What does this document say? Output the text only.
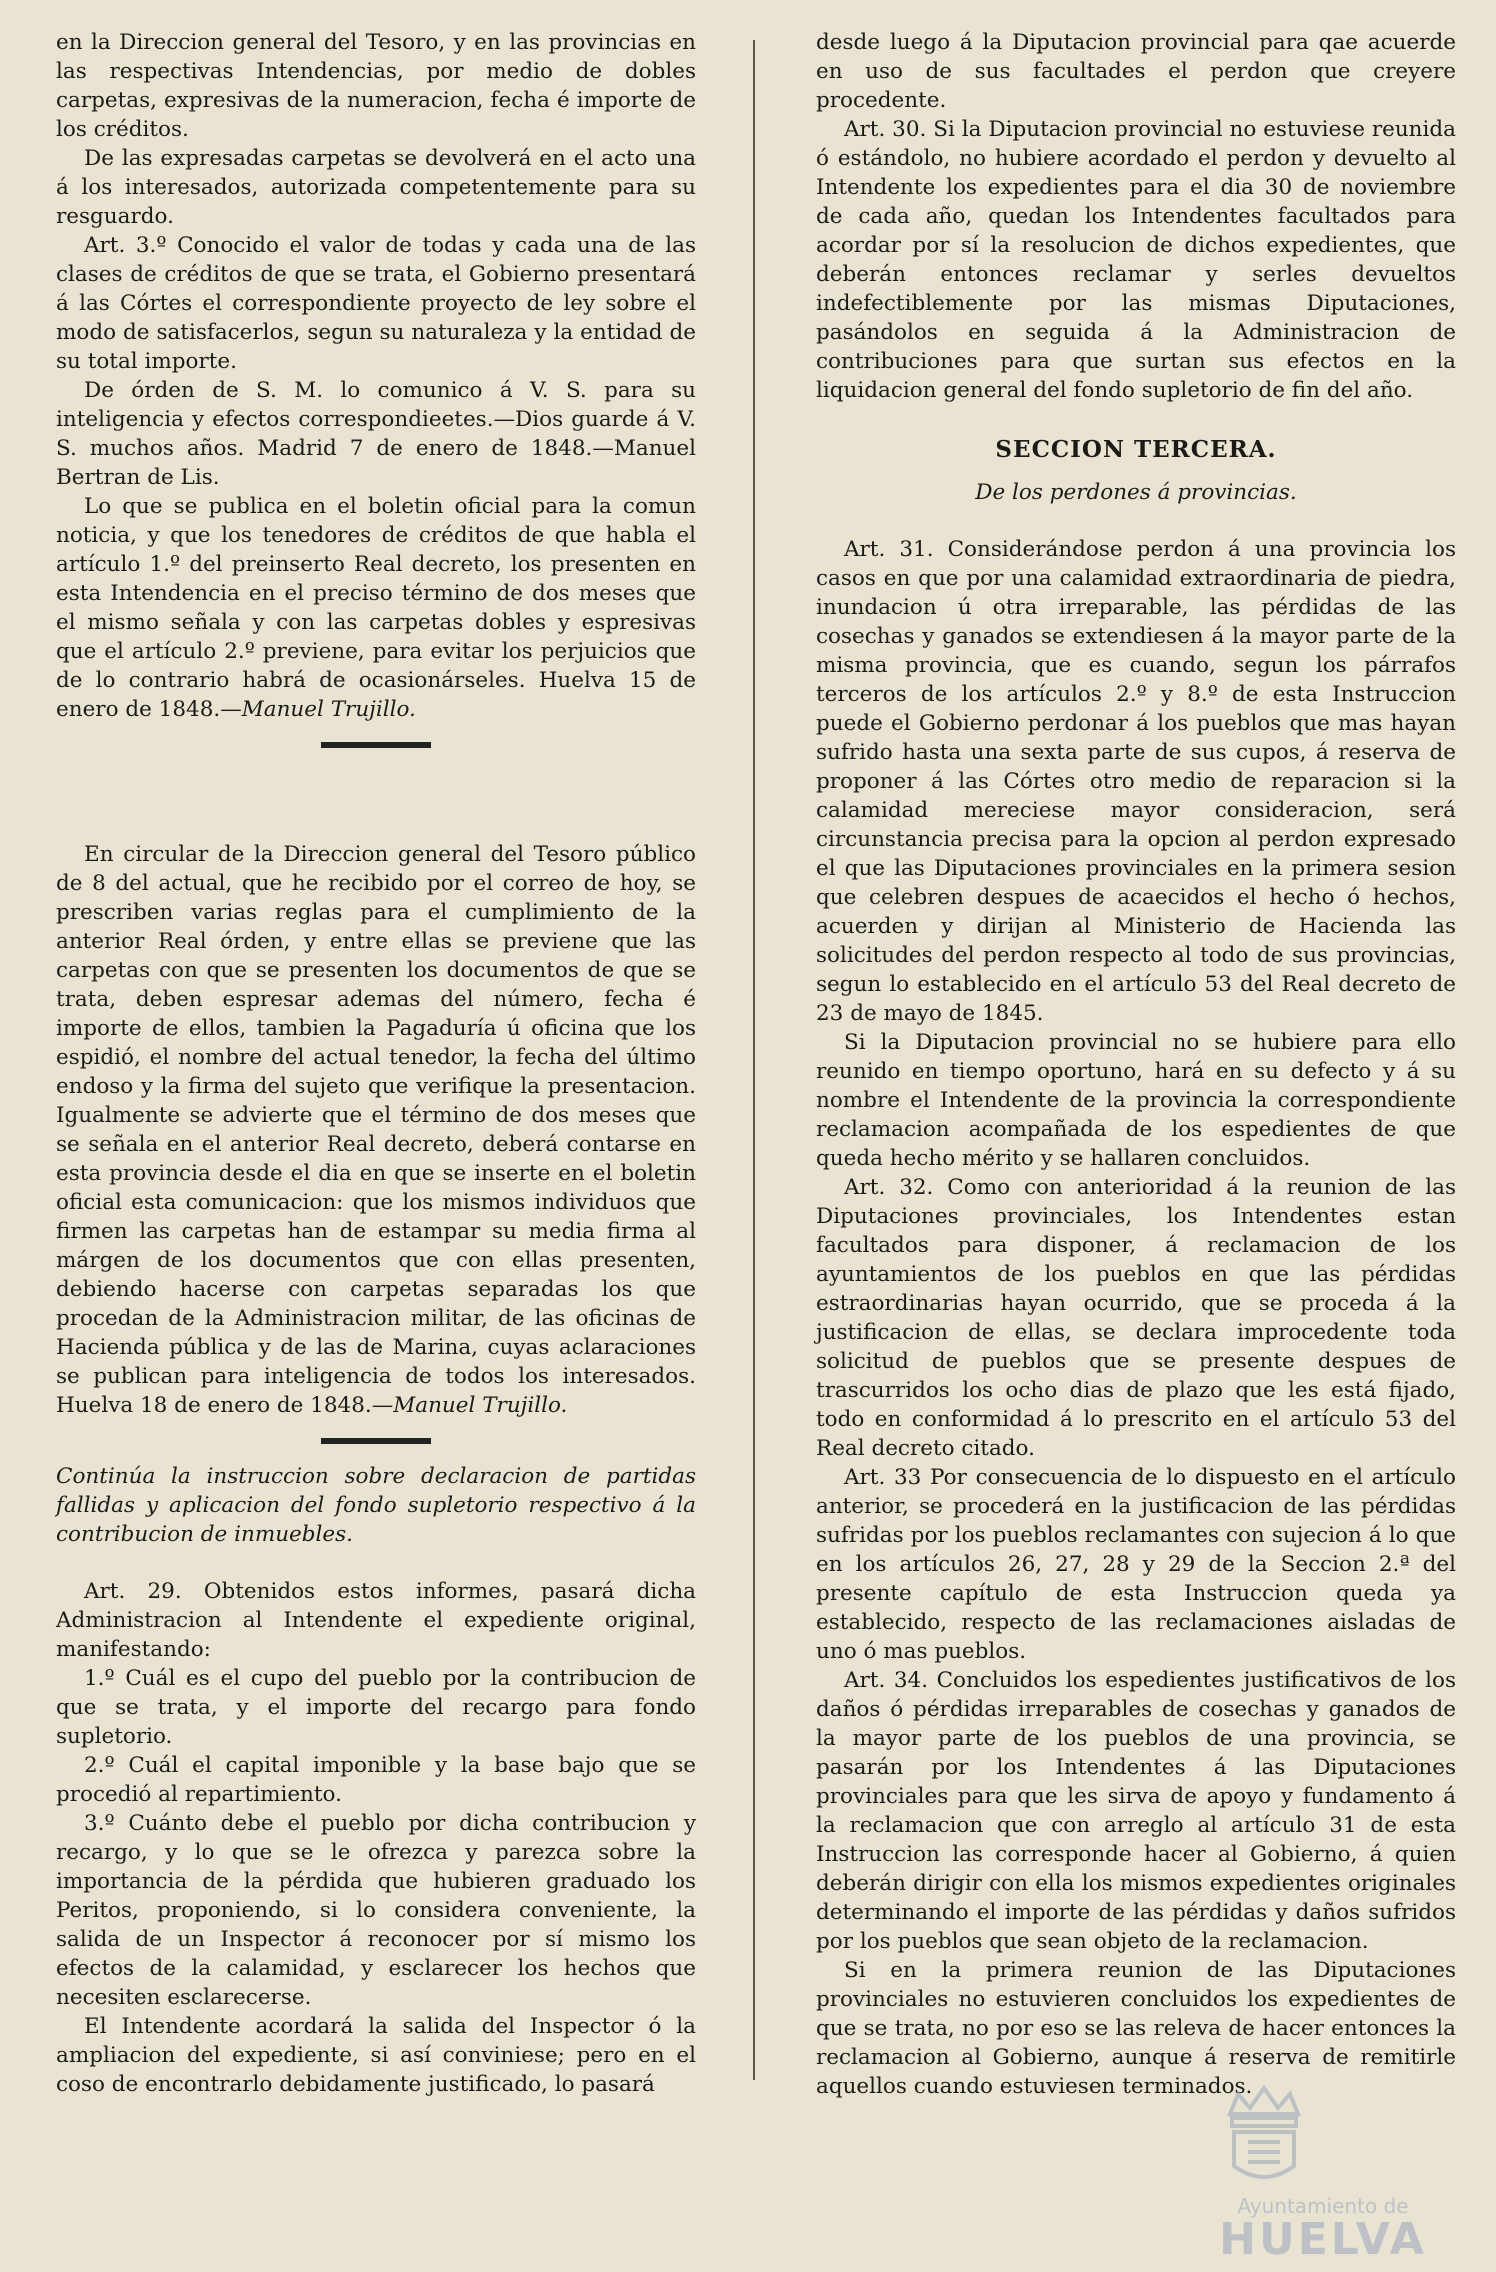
en la Direccion general del Tesoro, y en las provincias en las respectivas Intendencias, por medio de dobles carpetas, expresivas de la numeracion, fecha é importe de los créditos.

De las expresadas carpetas se devolverá en el acto una á los interesados, autorizada competentemente para su resguardo.

Art. 3.º Conocido el valor de todas y cada una de las clases de créditos de que se trata, el Gobierno presentará á las Córtes el correspondiente proyecto de ley sobre el modo de satisfacerlos, segun su naturaleza y la entidad de su total importe.

De órden de S. M. lo comunico á V. S. para su inteligencia y efectos correspondieetes.—Dios guarde á V. S. muchos años. Madrid 7 de enero de 1848.—Manuel Bertran de Lis.

Lo que se publica en el boletin oficial para la comun noticia, y que los tenedores de créditos de que habla el artículo 1.º del preinserto Real decreto, los presenten en esta Intendencia en el preciso término de dos meses que el mismo señala y con las carpetas dobles y espresivas que el artículo 2.º previene, para evitar los perjuicios que de lo contrario habrá de ocasionárseles. Huelva 15 de enero de 1848.—Manuel Trujillo.

En circular de la Direccion general del Tesoro público de 8 del actual, que he recibido por el correo de hoy, se prescriben varias reglas para el cumplimiento de la anterior Real órden, y entre ellas se previene que las carpetas con que se presenten los documentos de que se trata, deben espresar ademas del número, fecha é importe de ellos, tambien la Pagaduría ú oficina que los espidió, el nombre del actual tenedor, la fecha del último endoso y la firma del sujeto que verifique la presentacion. Igualmente se advierte que el término de dos meses que se señala en el anterior Real decreto, deberá contarse en esta provincia desde el dia en que se inserte en el boletin oficial esta comunicacion: que los mismos individuos que firmen las carpetas han de estampar su media firma al márgen de los documentos que con ellas presenten, debiendo hacerse con carpetas separadas los que procedan de la Administracion militar, de las oficinas de Hacienda pública y de las de Marina, cuyas aclaraciones se publican para inteligencia de todos los interesados. Huelva 18 de enero de 1848.—Manuel Trujillo.

Continúa la instruccion sobre declaracion de partidas fallidas y aplicacion del fondo supletorio respectivo á la contribucion de inmuebles.

Art. 29. Obtenidos estos informes, pasará dicha Administracion al Intendente el expediente original, manifestando:

1.º Cuál es el cupo del pueblo por la contribucion de que se trata, y el importe del recargo para fondo supletorio.

2.º Cuál el capital imponible y la base bajo que se procedió al repartimiento.

3.º Cuánto debe el pueblo por dicha contribucion y recargo, y lo que se le ofrezca y parezca sobre la importancia de la pérdida que hubieren graduado los Peritos, proponiendo, si lo considera conveniente, la salida de un Inspector á reconocer por sí mismo los efectos de la calamidad, y esclarecer los hechos que necesiten esclarecerse.

El Intendente acordará la salida del Inspector ó la ampliacion del expediente, si así conviniese; pero en el coso de encontrarlo debidamente justificado, lo pasará

desde luego á la Diputacion provincial para qae acuerde en uso de sus facultades el perdon que creyere procedente.

Art. 30. Si la Diputacion provincial no estuviese reunida ó estándolo, no hubiere acordado el perdon y devuelto al Intendente los expedientes para el dia 30 de noviembre de cada año, quedan los Intendentes facultados para acordar por sí la resolucion de dichos expedientes, que deberán entonces reclamar y serles devueltos indefectiblemente por las mismas Diputaciones, pasándolos en seguida á la Administracion de contribuciones para que surtan sus efectos en la liquidacion general del fondo supletorio de fin del año.

SECCION TERCERA.
De los perdones á provincias.

Art. 31. Considerándose perdon á una provincia los casos en que por una calamidad extraordinaria de piedra, inundacion ú otra irreparable, las pérdidas de las cosechas y ganados se extendiesen á la mayor parte de la misma provincia, que es cuando, segun los párrafos terceros de los artículos 2.º y 8.º de esta Instruccion puede el Gobierno perdonar á los pueblos que mas hayan sufrido hasta una sexta parte de sus cupos, á reserva de proponer á las Córtes otro medio de reparacion si la calamidad mereciese mayor consideracion, será circunstancia precisa para la opcion al perdon expresado el que las Diputaciones provinciales en la primera sesion que celebren despues de acaecidos el hecho ó hechos, acuerden y dirijan al Ministerio de Hacienda las solicitudes del perdon respecto al todo de sus provincias, segun lo establecido en el artículo 53 del Real decreto de 23 de mayo de 1845.

Si la Diputacion provincial no se hubiere para ello reunido en tiempo oportuno, hará en su defecto y á su nombre el Intendente de la provincia la correspondiente reclamacion acompañada de los espedientes de que queda hecho mérito y se hallaren concluidos.

Art. 32. Como con anterioridad á la reunion de las Diputaciones provinciales, los Intendentes estan facultados para disponer, á reclamacion de los ayuntamientos de los pueblos en que las pérdidas estraordinarias hayan ocurrido, que se proceda á la justificacion de ellas, se declara improcedente toda solicitud de pueblos que se presente despues de trascurridos los ocho dias de plazo que les está fijado, todo en conformidad á lo prescrito en el artículo 53 del Real decreto citado.

Art. 33 Por consecuencia de lo dispuesto en el artículo anterior, se procederá en la justificacion de las pérdidas sufridas por los pueblos reclamantes con sujecion á lo que en los artículos 26, 27, 28 y 29 de la Seccion 2.ª del presente capítulo de esta Instruccion queda ya establecido, respecto de las reclamaciones aisladas de uno ó mas pueblos.

Art. 34. Concluidos los espedientes justificativos de los daños ó pérdidas irreparables de cosechas y ganados de la mayor parte de los pueblos de una provincia, se pasarán por los Intendentes á las Diputaciones provinciales para que les sirva de apoyo y fundamento á la reclamacion que con arreglo al artículo 31 de esta Instruccion las corresponde hacer al Gobierno, á quien deberán dirigir con ella los mismos expedientes originales determinando el importe de las pérdidas y daños sufridos por los pueblos que sean objeto de la reclamacion.

Si en la primera reunion de las Diputaciones provinciales no estuvieren concluidos los expedientes de que se trata, no por eso se las releva de hacer entonces la reclamacion al Gobierno, aunque á reserva de remitirle aquellos cuando estuviesen terminados.

Ayuntamiento de
HUELVA
